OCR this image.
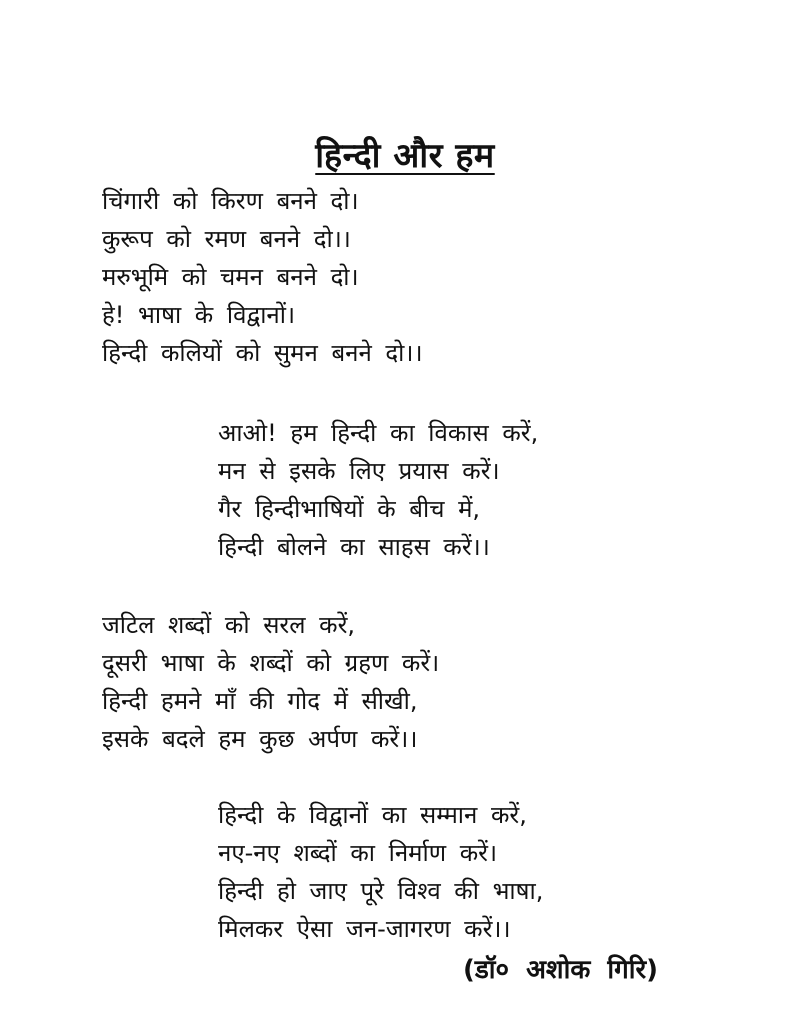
हिन्दी और हम
चिंगारी को किरण बनने दो।
कुरूप को रमण बनने दो।।
मरुभूमि को चमन बनने दो।
हे! भाषा के विद्वानों।
हिन्दी कलियों को सुमन बनने दो।।
आओ! हम हिन्दी का विकास करें,
मन से इसके लिए प्रयास करें।
गैर हिन्दीभाषियों के बीच में,
हिन्दी बोलने का साहस करें।।
जटिल शब्दों को सरल करें,
दूसरी भाषा के शब्दों को ग्रहण करें।
हिन्दी हमने माँ की गोद में सीखी,
इसके बदले हम कुछ अर्पण करें।।
हिन्दी के विद्वानों का सम्मान करें,
नए-नए शब्दों का निर्माण करें।
हिन्दी हो जाए पूरे विश्व की भाषा,
मिलकर ऐसा जन-जागरण करें।।
(डॉ० अशोक गिरि)
